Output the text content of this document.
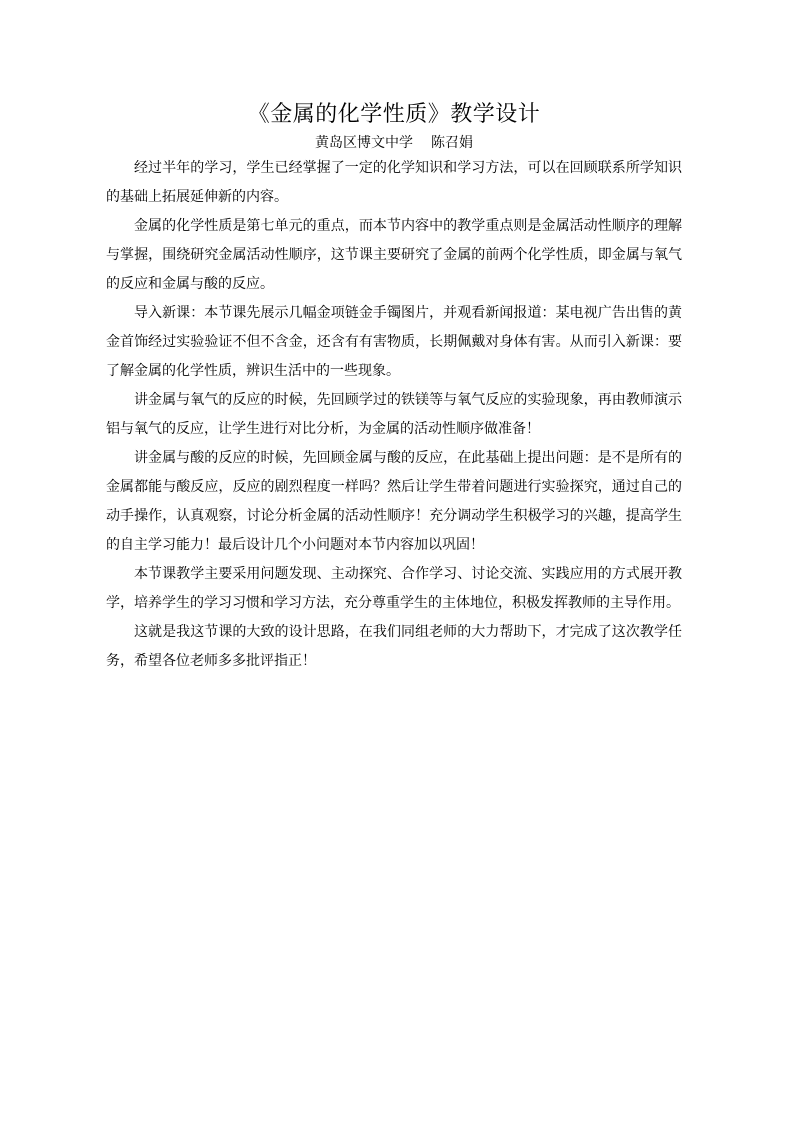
《金属的化学性质》教学设计

黄岛区博文中学 陈召娟

经过半年的学习，学生已经掌握了一定的化学知识和学习方法，可以在回顾联系所学知识的基础上拓展延伸新的内容。

金属的化学性质是第七单元的重点，而本节内容中的教学重点则是金属活动性顺序的理解与掌握，围绕研究金属活动性顺序，这节课主要研究了金属的前两个化学性质，即金属与氧气的反应和金属与酸的反应。

导入新课：本节课先展示几幅金项链金手镯图片，并观看新闻报道：某电视广告出售的黄金首饰经过实验验证不但不含金，还含有有害物质，长期佩戴对身体有害。从而引入新课：要了解金属的化学性质，辨识生活中的一些现象。

讲金属与氧气的反应的时候，先回顾学过的铁镁等与氧气反应的实验现象，再由教师演示铝与氧气的反应，让学生进行对比分析，为金属的活动性顺序做准备！

讲金属与酸的反应的时候，先回顾金属与酸的反应，在此基础上提出问题：是不是所有的金属都能与酸反应，反应的剧烈程度一样吗？然后让学生带着问题进行实验探究，通过自己的动手操作，认真观察，讨论分析金属的活动性顺序！充分调动学生积极学习的兴趣，提高学生的自主学习能力！最后设计几个小问题对本节内容加以巩固！

本节课教学主要采用问题发现、主动探究、合作学习、讨论交流、实践应用的方式展开教学，培养学生的学习习惯和学习方法，充分尊重学生的主体地位，积极发挥教师的主导作用。

这就是我这节课的大致的设计思路，在我们同组老师的大力帮助下，才完成了这次教学任务，希望各位老师多多批评指正！
